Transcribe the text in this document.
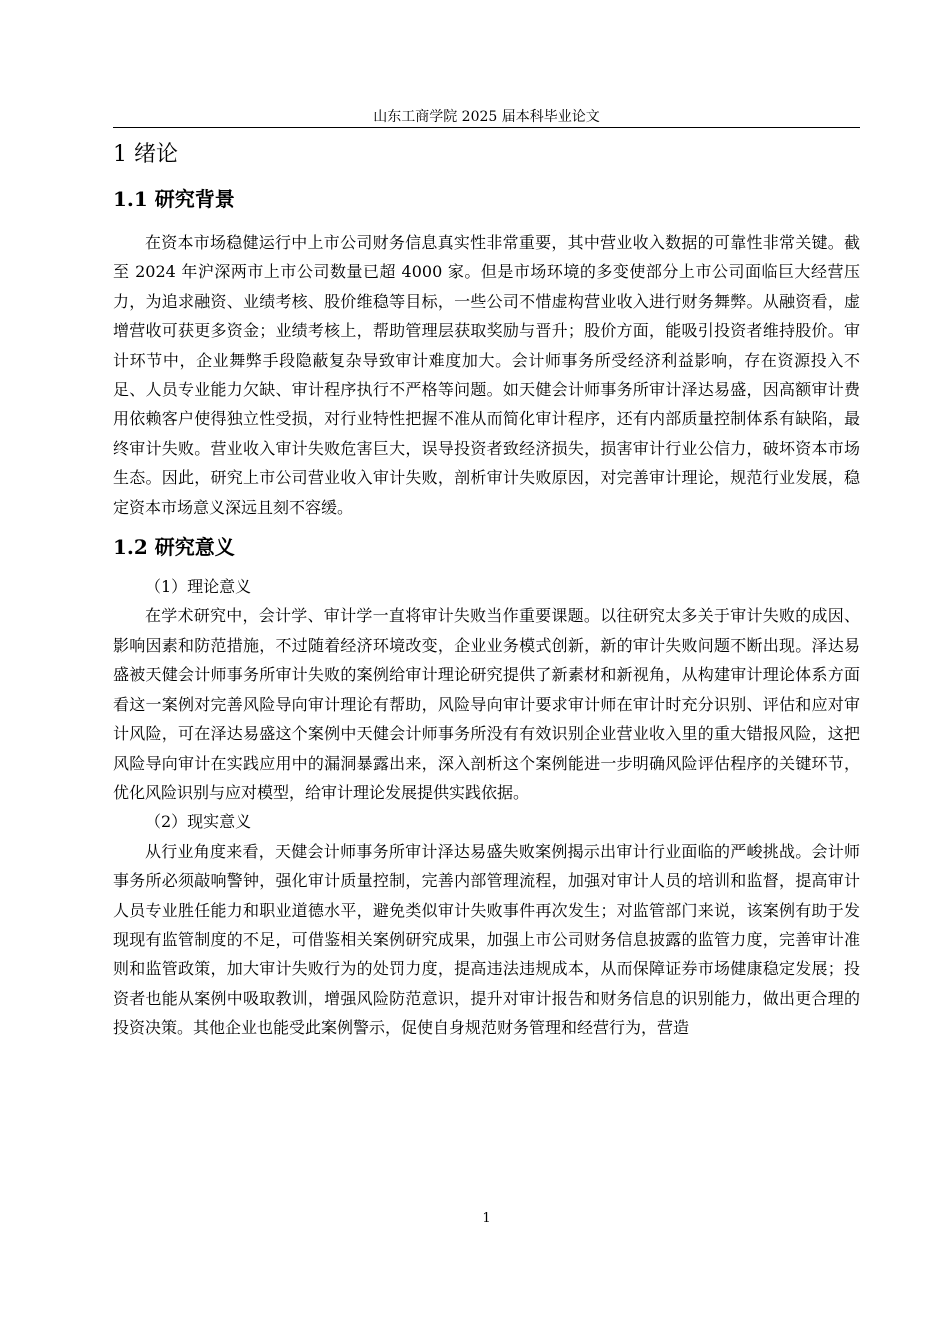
山东工商学院 2025 届本科毕业论文
1 绪论
1.1 研究背景

在资本市场稳健运行中上市公司财务信息真实性非常重要，其中营业收入数据的可靠性非常关键。截至 2024 年沪深两市上市公司数量已超 4000 家。但是市场环境的多变使部分上市公司面临巨大经营压力，为追求融资、业绩考核、股价维稳等目标，一些公司不惜虚构营业收入进行财务舞弊。从融资看，虚增营收可获更多资金；业绩考核上，帮助管理层获取奖励与晋升；股价方面，能吸引投资者维持股价。审计环节中，企业舞弊手段隐蔽复杂导致审计难度加大。会计师事务所受经济利益影响，存在资源投入不足、人员专业能力欠缺、审计程序执行不严格等问题。如天健会计师事务所审计泽达易盛，因高额审计费用依赖客户使得独立性受损，对行业特性把握不准从而简化审计程序，还有内部质量控制体系有缺陷，最终审计失败。营业收入审计失败危害巨大，误导投资者致经济损失，损害审计行业公信力，破坏资本市场生态。因此，研究上市公司营业收入审计失败，剖析审计失败原因，对完善审计理论，规范行业发展，稳定资本市场意义深远且刻不容缓。

1.2 研究意义

（1）理论意义

在学术研究中，会计学、审计学一直将审计失败当作重要课题。以往研究太多关于审计失败的成因、影响因素和防范措施，不过随着经济环境改变，企业业务模式创新，新的审计失败问题不断出现。泽达易盛被天健会计师事务所审计失败的案例给审计理论研究提供了新素材和新视角，从构建审计理论体系方面看这一案例对完善风险导向审计理论有帮助，风险导向审计要求审计师在审计时充分识别、评估和应对审计风险，可在泽达易盛这个案例中天健会计师事务所没有有效识别企业营业收入里的重大错报风险，这把风险导向审计在实践应用中的漏洞暴露出来，深入剖析这个案例能进一步明确风险评估程序的关键环节，优化风险识别与应对模型，给审计理论发展提供实践依据。

（2）现实意义

从行业角度来看，天健会计师事务所审计泽达易盛失败案例揭示出审计行业面临的严峻挑战。会计师事务所必须敲响警钟，强化审计质量控制，完善内部管理流程，加强对审计人员的培训和监督，提高审计人员专业胜任能力和职业道德水平，避免类似审计失败事件再次发生；对监管部门来说，该案例有助于发现现有监管制度的不足，可借鉴相关案例研究成果，加强上市公司财务信息披露的监管力度，完善审计准则和监管政策，加大审计失败行为的处罚力度，提高违法违规成本，从而保障证券市场健康稳定发展；投资者也能从案例中吸取教训，增强风险防范意识，提升对审计报告和财务信息的识别能力，做出更合理的投资决策。其他企业也能受此案例警示，促使自身规范财务管理和经营行为，营造

1
